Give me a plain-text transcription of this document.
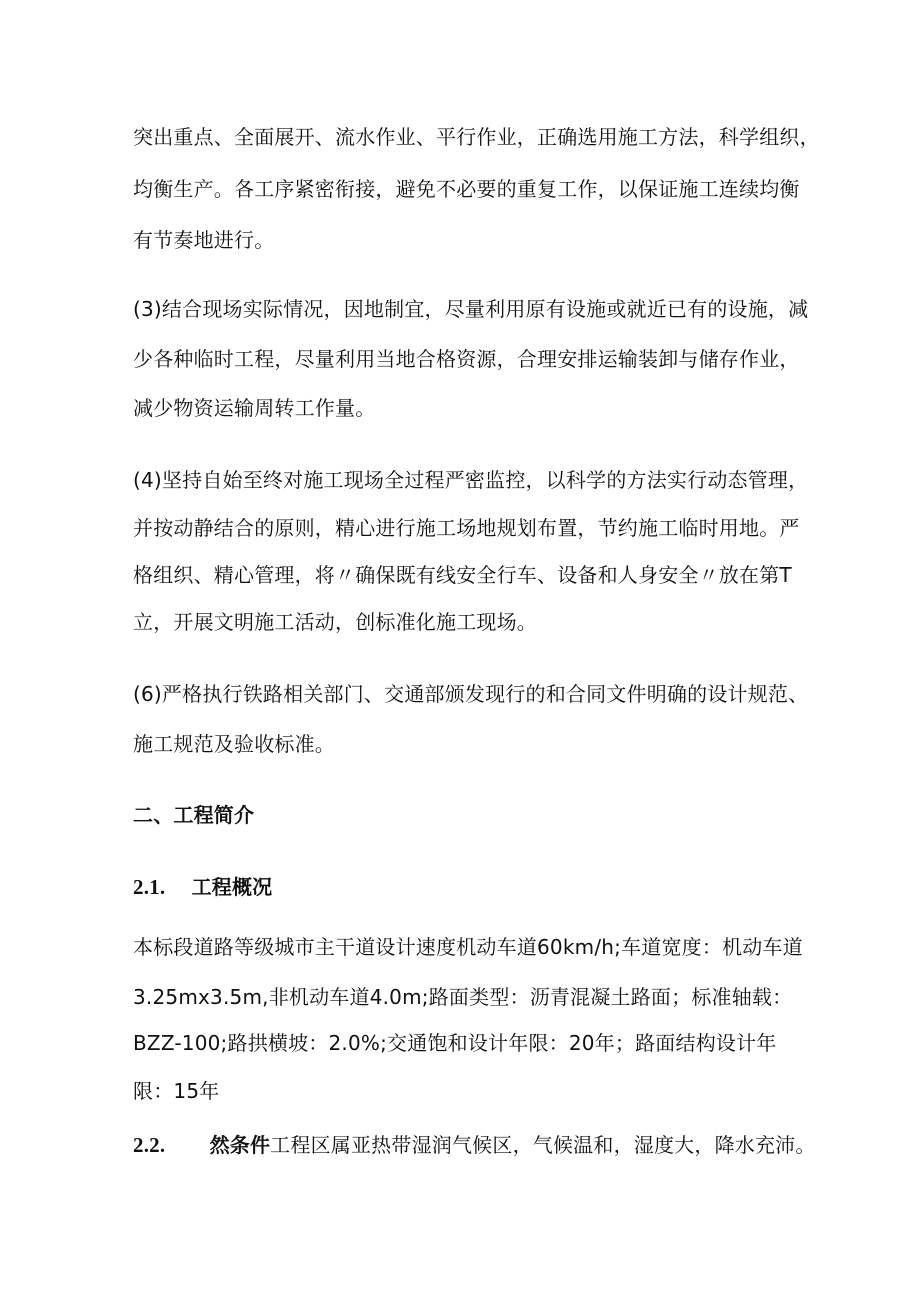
突出重点、全面展开、流水作业、平行作业，正确选用施工方法，科学组织，
均衡生产。各工序紧密衔接，避免不必要的重复工作，以保证施工连续均衡
有节奏地进行。
(3)结合现场实际情况，因地制宜，尽量利用原有设施或就近已有的设施，减
少各种临时工程，尽量利用当地合格资源，合理安排运输装卸与储存作业，
减少物资运输周转工作量。
(4)坚持自始至终对施工现场全过程严密监控，以科学的方法实行动态管理，
并按动静结合的原则，精心进行施工场地规划布置，节约施工临时用地。严
格组织、精心管理，将〃确保既有线安全行车、设备和人身安全〃放在第T
立，开展文明施工活动，创标准化施工现场。
(6)严格执行铁路相关部门、交通部颁发现行的和合同文件明确的设计规范、
施工规范及验收标准。
二、工程简介
2.1. 工程概况
本标段道路等级城市主干道设计速度机动车道60km/h;车道宽度：机动车道
3.25mx3.5m,非机动车道4.0m;路面类型：沥青混凝土路面；标准轴载：
BZZ-100;路拱横坡：2.0%;交通饱和设计年限：20年；路面结构设计年
限：15年
2.2. 然条件工程区属亚热带湿润气候区，气候温和，湿度大，降水充沛。
